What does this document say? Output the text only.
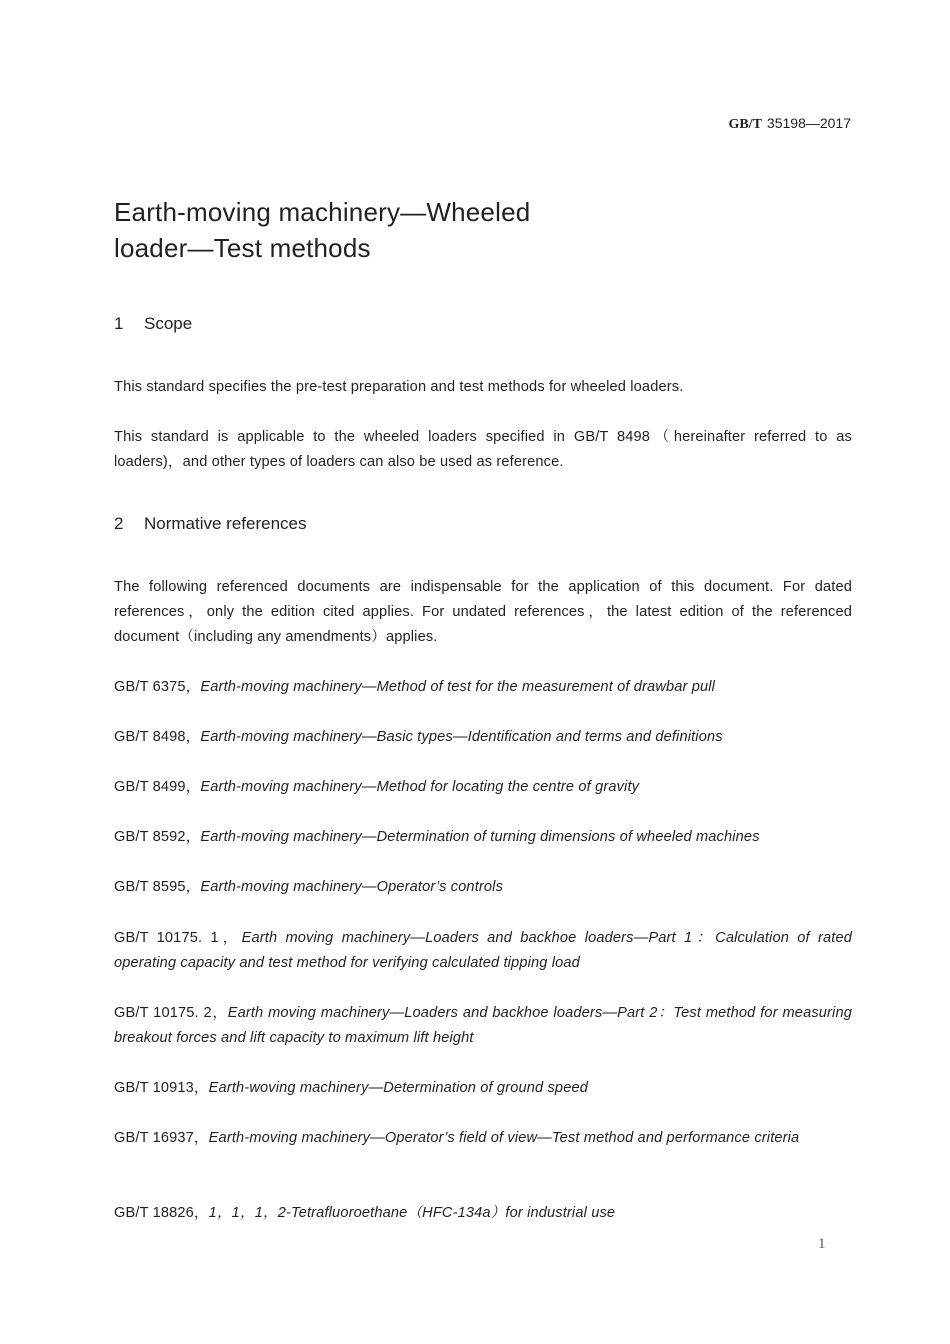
GB/T 35198—2017
Earth-moving machinery—Wheeled
loader—Test methods
1 Scope

This standard specifies the pre-test preparation and test methods for wheeled loaders.

This standard is applicable to the wheeled loaders specified in GB/T 8498（hereinafter referred to as loaders)，and other types of loaders can also be used as reference.

2 Normative references

The following referenced documents are indispensable for the application of this document. For dated references，only the edition cited applies. For undated references，the latest edition of the referenced document（including any amendments）applies.

GB/T 6375，Earth-moving machinery—Method of test for the measurement of drawbar pull

GB/T 8498，Earth-moving machinery—Basic types—Identification and terms and definitions

GB/T 8499，Earth-moving machinery—Method for locating the centre of gravity

GB/T 8592，Earth-moving machinery—Determination of turning dimensions of wheeled machines

GB/T 8595，Earth-moving machinery—Operator’s controls

GB/T 10175. 1，Earth moving machinery—Loaders and backhoe loaders—Part 1：Calculation of rated operating capacity and test method for verifying calculated tipping load

GB/T 10175. 2，Earth moving machinery—Loaders and backhoe loaders—Part 2：Test method for measuring breakout forces and lift capacity to maximum lift height

GB/T 10913，Earth-woving machinery—Determination of ground speed

GB/T 16937，Earth-moving machinery—Operator’s field of view—Test method and performance criteria

GB/T 18826，1，1，1，2-Tetrafluoroethane（HFC-134a）for industrial use

1
